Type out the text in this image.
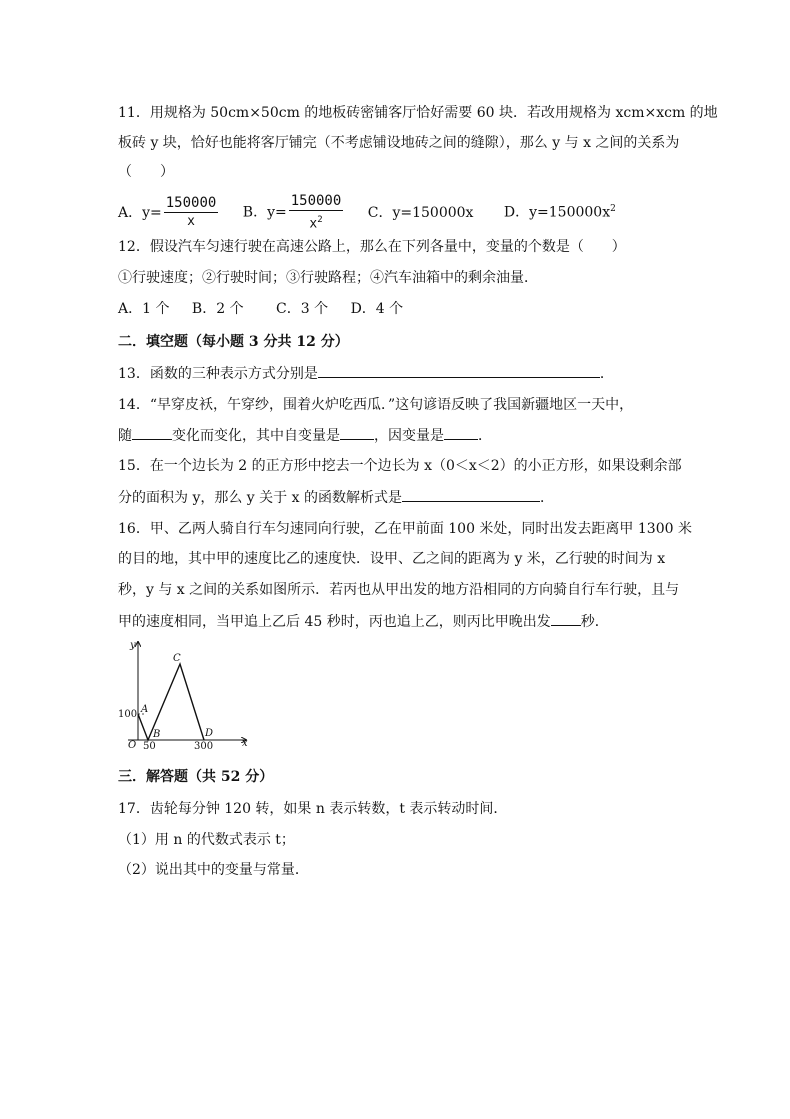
11．用规格为 50cm×50cm 的地板砖密铺客厅恰好需要 60 块．若改用规格为 xcm×xcm 的地
板砖 y 块，恰好也能将客厅铺完（不考虑铺设地砖之间的缝隙），那么 y 与 x 之间的关系为
（　　）
A．$y= \frac{150000}{x}$ B．$y= \frac{150000}{x^2}$ C．y=150000x D．$y=150000x^2$
12．假设汽车匀速行驶在高速公路上，那么在下列各量中，变量的个数是（　　）
①行驶速度；②行驶时间；③行驶路程；④汽车油箱中的剩余油量．
A．1 个 B．2 个 C．3 个 D．4 个
二．填空题（每小题 3 分共 12 分）
13．函数的三种表示方式分别是	．
14．“早穿皮袄，午穿纱，围着火炉吃西瓜．”这句谚语反映了我国新疆地区一天中，
随	变化而变化，其中自变量是 ，因变量是 ．
15．在一个边长为 2 的正方形中挖去一个边长为 x（0＜x＜2）的小正方形，如果设剩余部
分的面积为 y，那么 y 关于 x 的函数解析式是	．
16．甲、乙两人骑自行车匀速同向行驶，乙在甲前面 100 米处，同时出发去距离甲 1300 米
的目的地，其中甲的速度比乙的速度快．设甲、乙之间的距离为 y 米，乙行驶的时间为 x
秒，y 与 x 之间的关系如图所示．若丙也从甲出发的地方沿相同的方向骑自行车行驶，且与
甲的速度相同，当甲追上乙后 45 秒时，丙也追上乙，则丙比甲晚出发 秒．
y
x
O
100
50	300
A
B
C
D
三．解答题（共 52 分）
17．齿轮每分钟 120 转，如果 n 表示转数，t 表示转动时间．
（1）用 n 的代数式表示 t；
（2）说出其中的变量与常量．
